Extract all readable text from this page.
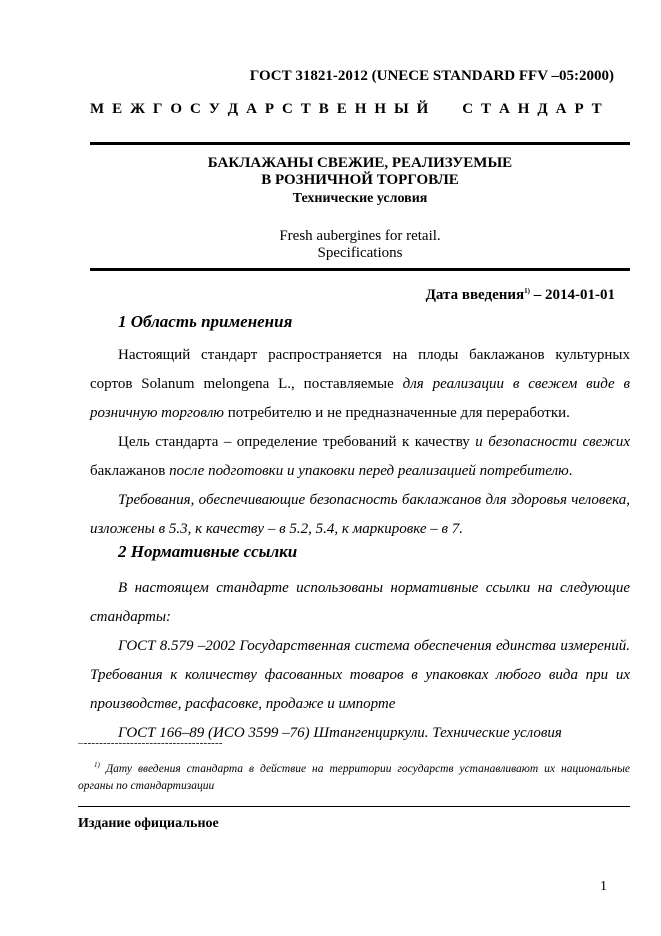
ГОСТ 31821-2012 (UNECE STANDARD FFV –05:2000)
М Е Ж Г О С У Д А Р С Т В Е Н Н Ы Й С Т А Н Д А Р Т
БАКЛАЖАНЫ СВЕЖИЕ, РЕАЛИЗУЕМЫЕ
В РОЗНИЧНОЙ ТОРГОВЛЕ
Технические условия
Fresh aubergines for retail.
Specifications
Дата введения$^{1)}$ – 2014-01-01
1 Область применения

Настоящий стандарт распространяется на плоды баклажанов культурных сортов Solanum melongena L., поставляемые для реализации в свежем виде в розничную торговлю потребителю и не предназначенные для переработки.

Цель стандарта – определение требований к качеству и безопасности свежих баклажанов после подготовки и упаковки перед реализацией потребителю.

Требования, обеспечивающие безопасность баклажанов для здоровья человека, изложены в 5.3, к качеству – в 5.2, 5.4, к маркировке – в 7.

2 Нормативные ссылки

В настоящем стандарте использованы нормативные ссылки на следующие стандарты:

ГОСТ 8.579 –2002 Государственная система обеспечения единства измерений. Требования к количеству фасованных товаров в упаковках любого вида при их производстве, расфасовке, продаже и импорте

ГОСТ 166–89 (ИСО 3599 –76) Штангенциркули. Технические условия

–------------------------------------
$^{1)}$ Дату введения стандарта в действие на территории государств устанавливают их национальные органы по стандартизации
Издание официальное
1
